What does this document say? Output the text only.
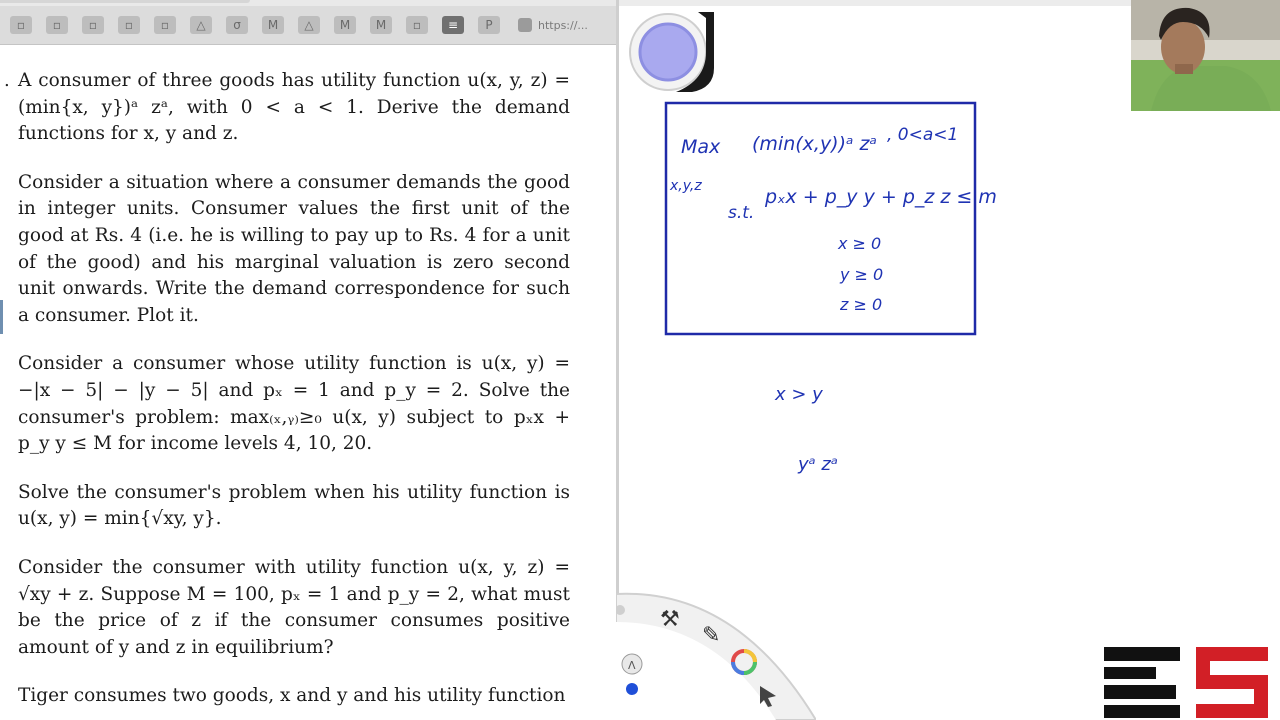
▫	▫	▫	▫	▫	△	σ	M	△	M	M	▫	≡	P	https://...
. A consumer of three goods has utility function u(x, y, z) = (min{x, y})ᵃ zᵃ, with 0 < a < 1. Derive the demand functions for x, y and z.

Consider a situation where a consumer demands the good in integer units. Consumer values the first unit of the good at Rs. 4 (i.e. he is willing to pay up to Rs. 4 for a unit of the good) and his marginal valuation is zero second unit onwards. Write the demand correspondence for such a consumer. Plot it.

Consider a consumer whose utility function is u(x, y) = −|x − 5| − |y − 5| and pₓ = 1 and p_y = 2. Solve the consumer's problem: max₍ₓ,ᵧ₎≥₀ u(x, y) subject to pₓx + p_y y ≤ M for income levels 4, 10, 20.

Solve the consumer's problem when his utility function is u(x, y) = min{√xy, y}.

Consider the consumer with utility function u(x, y, z) = √xy + z. Suppose M = 100, pₓ = 1 and p_y = 2, what must be the price of z if the consumer consumes positive amount of y and z in equilibrium?

Tiger consumes two goods, x and y and his utility function

Max (min(x,y))ᵃ zᵃ , 0<a<1
x,y,z
s.t.
pₓx + p_y y + p_z z ≤ m
x ≥ 0
y ≥ 0
z ≥ 0
x > y
yᵃ zᵃ
⚒
✎
Λ
